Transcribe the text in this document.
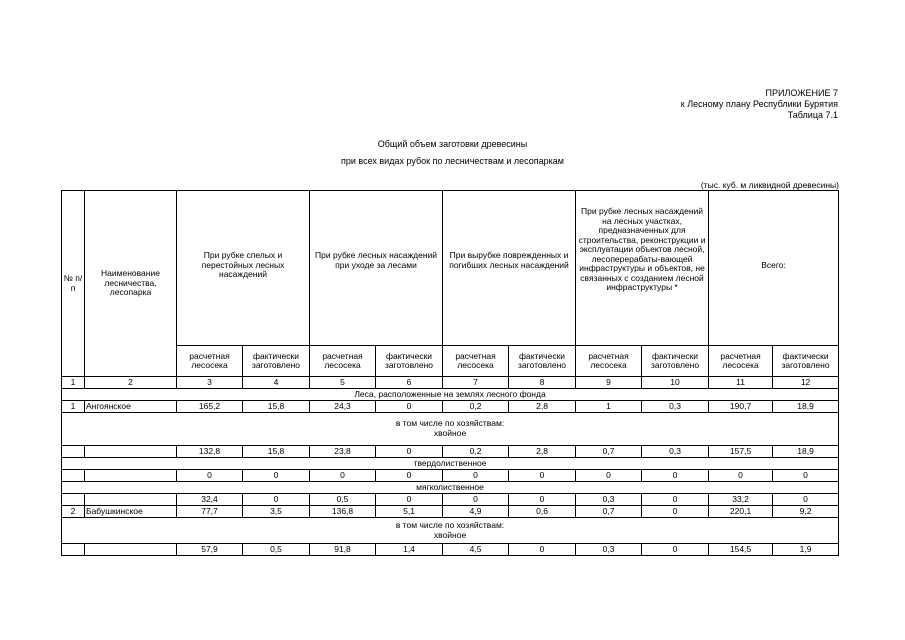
ПРИЛОЖЕНИЕ 7
к Лесному плану Республики Бурятия
Таблица 7.1
Общий объем заготовки древесины
при всех видах рубок по лесничествам и лесопаркам
(тыс. куб. м ликвидной древесины)
№ п/п	Наименование лесничества, лесопарка	При рубке спелых и перестойных лесных насаждений		При рубке лесных насаждений при уходе за лесами		При вырубке поврежденных и погибших лесных насаждений		При рубке лесных насаждений на лесных участках, предназначенных для строительства, реконструкции и эксплуатации объектов лесной, лесоперерабаты-вающей инфраструктуры и объектов, не связанных с созданием лесной инфраструктуры *		Всего:	
		расчетная лесосека	фактически заготовлено	расчетная лесосека	фактически заготовлено	расчетная лесосека	фактически заготовлено	расчетная лесосека	фактически заготовлено	расчетная лесосека	фактически заготовлено
1	2	3	4	5	6	7	8	9	10	11	12
Леса, расположенные на землях лесного фонда											
1	Ангоянское	165,2	15,8	24,3	0	0,2	2,8	1	0,3	190,7	18,9

в том числе по хозяйствам:
хвойное											

		132,8	15,8	23,8	0	0,2	2,8	0,7	0,3	157,5	18,9
твердолиственное											
		0	0	0	0	0	0	0	0	0	0
мягколиственное											
		32,4	0	0,5	0	0	0	0,3	0	33,2	0
2	Бабушкинское	77,7	3,5	136,8	5,1	4,9	0,6	0,7	0	220,1	9,2

в том числе по хозяйствам:
хвойное											

		57,9	0,5	91,8	1,4	4,5	0	0,3	0	154,5	1,9
